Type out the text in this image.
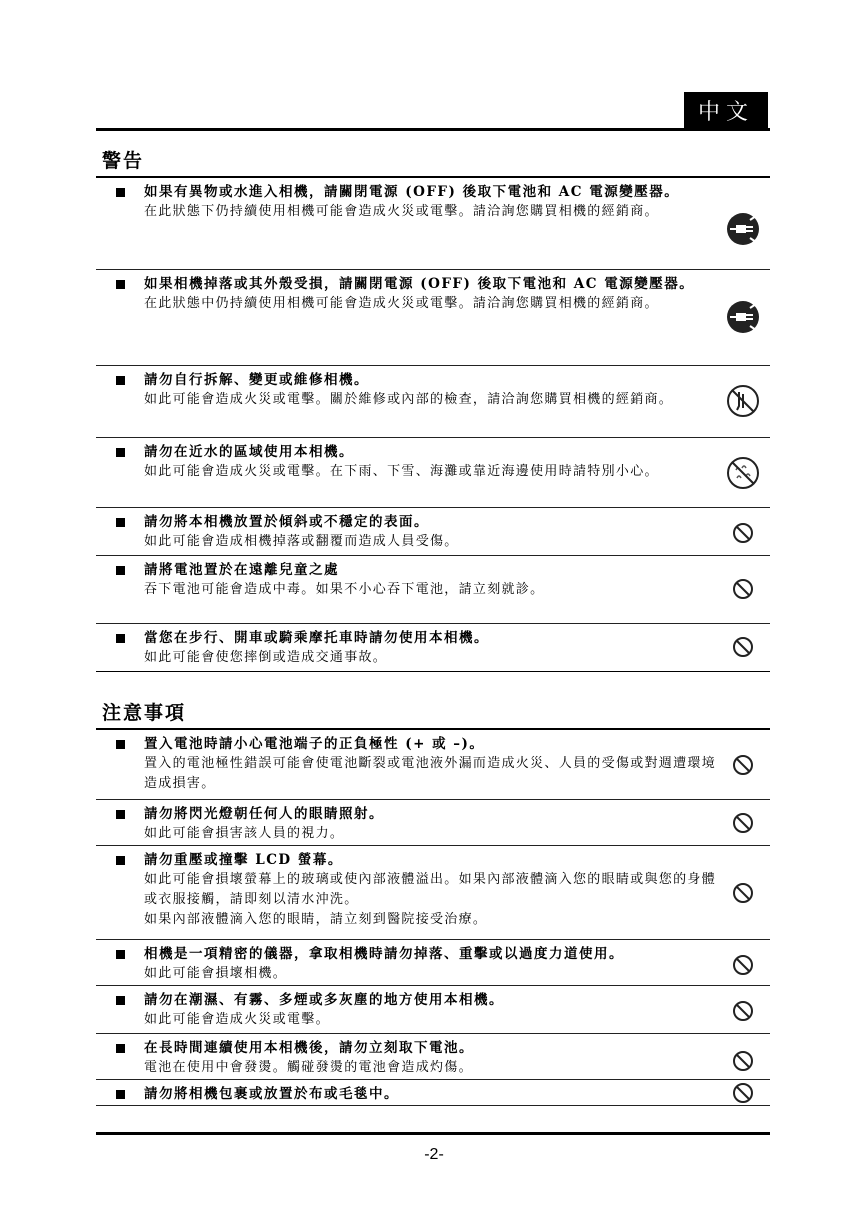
中文
警告
如果有異物或水進入相機，請關閉電源 (OFF) 後取下電池和 AC 電源變壓器。
在此狀態下仍持續使用相機可能會造成火災或電擊。請洽詢您購買相機的經銷商。
如果相機掉落或其外殼受損，請關閉電源 (OFF) 後取下電池和 AC 電源變壓器。
在此狀態中仍持續使用相機可能會造成火災或電擊。請洽詢您購買相機的經銷商。
請勿自行拆解、變更或維修相機。
如此可能會造成火災或電擊。關於維修或內部的檢查，請洽詢您購買相機的經銷商。
請勿在近水的區域使用本相機。
如此可能會造成火災或電擊。在下雨、下雪、海灘或靠近海邊使用時請特別小心。
請勿將本相機放置於傾斜或不穩定的表面。
如此可能會造成相機掉落或翻覆而造成人員受傷。
請將電池置於在遠離兒童之處
吞下電池可能會造成中毒。如果不小心吞下電池，請立刻就診。
當您在步行、開車或騎乘摩托車時請勿使用本相機。
如此可能會使您摔倒或造成交通事故。
注意事項
置入電池時請小心電池端子的正負極性 (+ 或 –)。
置入的電池極性錯誤可能會使電池斷裂或電池液外漏而造成火災、人員的受傷或對週遭環境造成損害。
請勿將閃光燈朝任何人的眼睛照射。
如此可能會損害該人員的視力。
請勿重壓或撞擊 LCD 螢幕。
如此可能會損壞螢幕上的玻璃或使內部液體溢出。如果內部液體滴入您的眼睛或與您的身體或衣服接觸，請即刻以清水沖洗。
如果內部液體滴入您的眼睛，請立刻到醫院接受治療。
相機是一項精密的儀器，拿取相機時請勿掉落、重擊或以過度力道使用。
如此可能會損壞相機。
請勿在潮濕、有霧、多煙或多灰塵的地方使用本相機。
如此可能會造成火災或電擊。
在長時間連續使用本相機後，請勿立刻取下電池。
電池在使用中會發燙。觸碰發燙的電池會造成灼傷。
請勿將相機包裹或放置於布或毛毯中。
-2-
